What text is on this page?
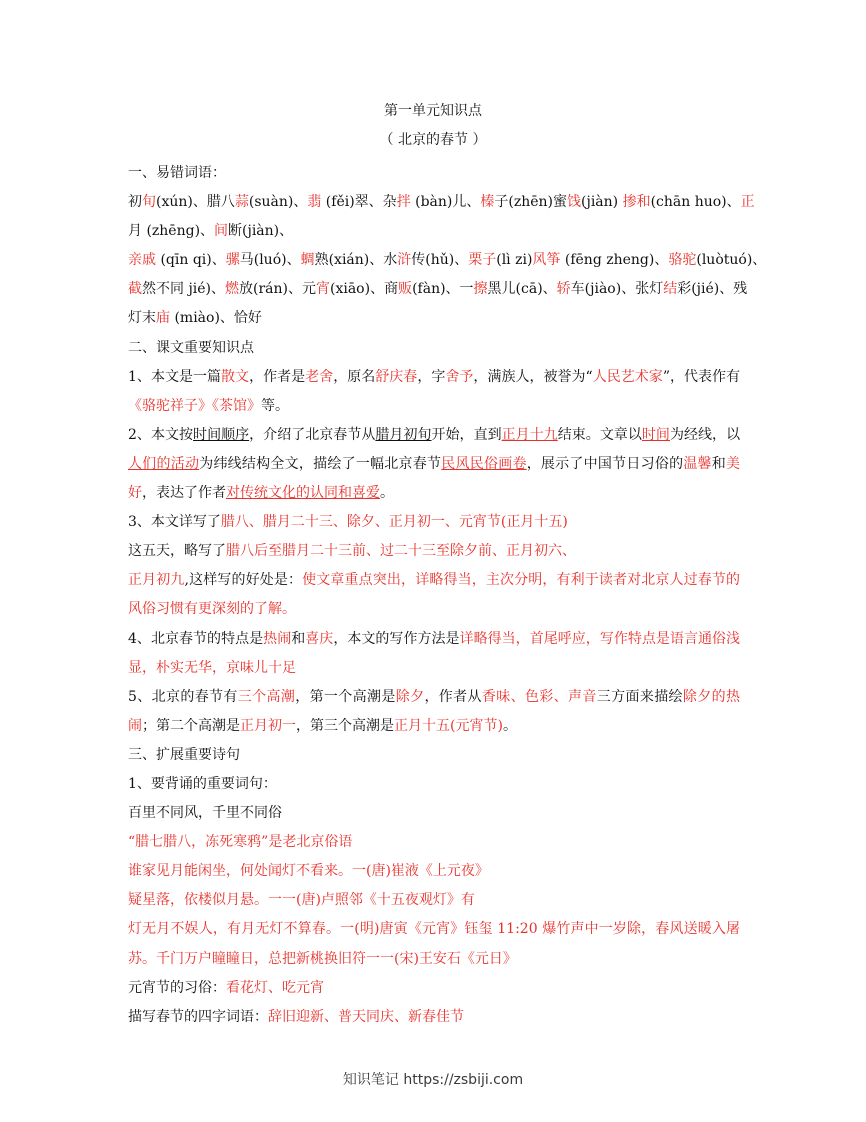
第一单元知识点
（ 北京的春节 ）

一、易错词语：

初旬(xún)、腊八蒜(suàn)、翡 (fěi)翠、杂拌 (bàn)儿、榛子(zhēn)蜜饯(jiàn) 掺和(chān huo)、正

月 (zhēng)、间断(jiàn)、

亲戚 (qīn qi)、骡马(luó)、蜩熟(xián)、水浒传(hǔ)、栗子(lì zi)风筝 (fēng zheng)、骆驼(luòtuó)、

截然不同 jié)、燃放(rán)、元宵(xiāo)、商贩(fàn)、一擦黑儿(cā)、轿车(jiào)、张灯结彩(jié)、残

灯末庙 (miào)、恰好

二、课文重要知识点

1、本文是一篇散文，作者是老舍，原名舒庆春，字舍予，满族人，被誉为“人民艺术家”，代表作有《骆驼祥子》《茶馆》等。

2、本文按时间顺序，介绍了北京春节从腊月初旬开始，直到正月十九结束。文章以时间为经线，以人们的活动为纬线结构全文，描绘了一幅北京春节民风民俗画卷，展示了中国节日习俗的温馨和美好，表达了作者对传统文化的认同和喜爱。

3、本文详写了腊八、腊月二十三、除夕、正月初一、元宵节(正月十五)

这五天，略写了腊八后至腊月二十三前、过二十三至除夕前、正月初六、

正月初九,这样写的好处是：使文章重点突出，详略得当，主次分明，有利于读者对北京人过春节的风俗习惯有更深刻的了解。

4、北京春节的特点是热闹和喜庆，本文的写作方法是详略得当，首尾呼应，写作特点是语言通俗浅显，朴实无华，京味儿十足

5、北京的春节有三个高潮，第一个高潮是除夕，作者从香味、色彩、声音三方面来描绘除夕的热闹；第二个高潮是正月初一，第三个高潮是正月十五(元宵节)。

三、扩展重要诗句

1、要背诵的重要词句：

百里不同风，千里不同俗

“腊七腊八，冻死寒鸦”是老北京俗语

谁家见月能闲坐，何处闻灯不看来。一(唐)崔液《上元夜》

疑星落，依楼似月悬。一一(唐)卢照邻《十五夜观灯》有

灯无月不娱人，有月无灯不算春。一(明)唐寅《元宵》钰玺 11:20 爆竹声中一岁除，春风送暖入屠苏。千门万户瞳瞳日，总把新桃换旧符一一(宋)王安石《元日》

元宵节的习俗：看花灯、吃元宵

描写春节的四字词语：辞旧迎新、普天同庆、新春佳节

知识笔记 https://zsbiji.com
